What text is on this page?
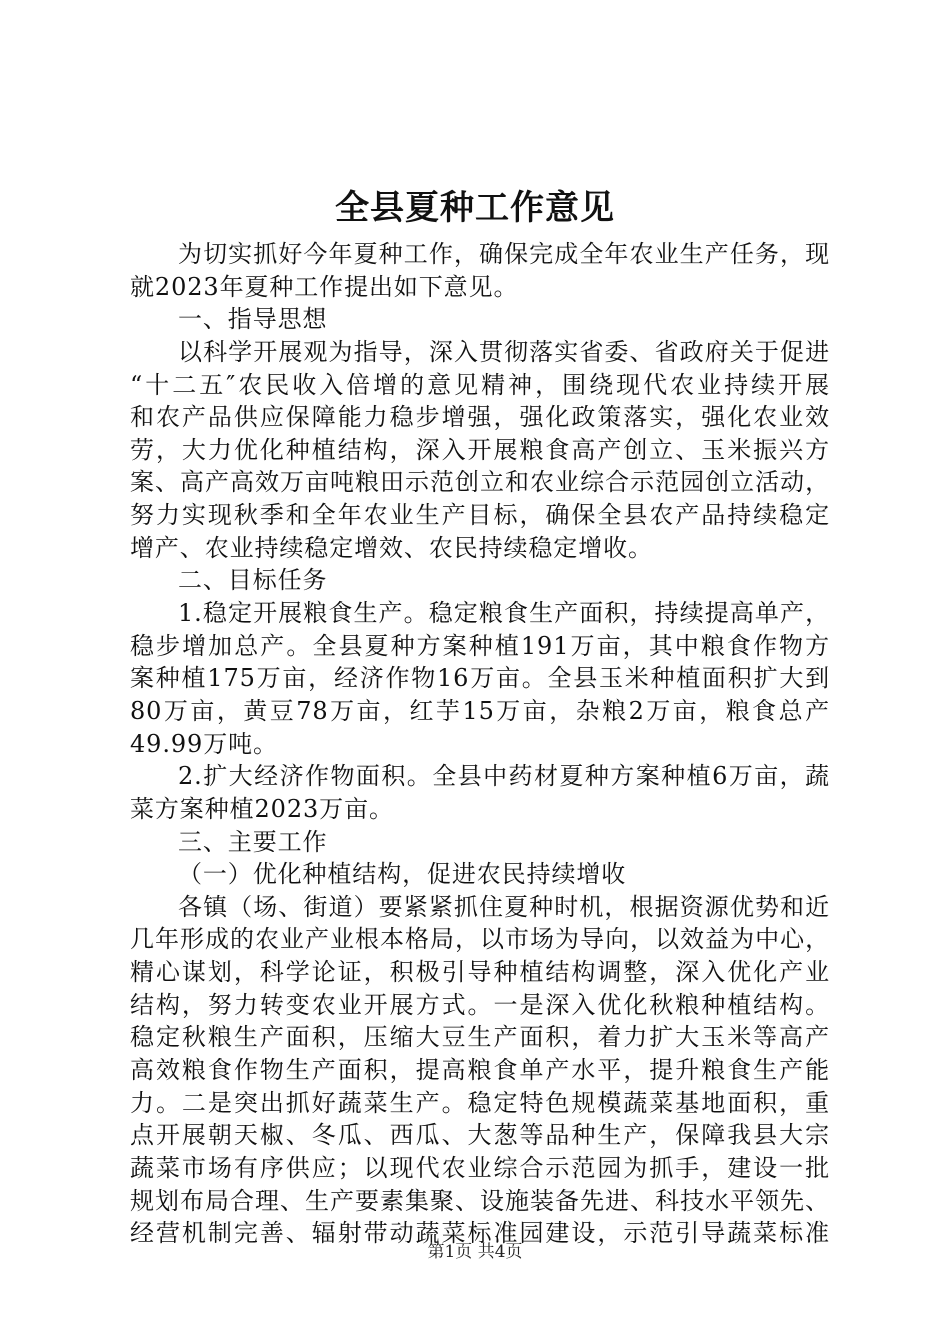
全县夏种工作意见
为切实抓好今年夏种工作，确保完成全年农业生产任务，现
就2023年夏种工作提出如下意见。
一、指导思想
以科学开展观为指导，深入贯彻落实省委、省政府关于促进
“十二五″农民收入倍增的意见精神，围绕现代农业持续开展
和农产品供应保障能力稳步增强，强化政策落实，强化农业效
劳，大力优化种植结构，深入开展粮食高产创立、玉米振兴方
案、高产高效万亩吨粮田示范创立和农业综合示范园创立活动，
努力实现秋季和全年农业生产目标，确保全县农产品持续稳定
增产、农业持续稳定增效、农民持续稳定增收。
二、目标任务
1.稳定开展粮食生产。稳定粮食生产面积，持续提高单产，
稳步增加总产。全县夏种方案种植191万亩，其中粮食作物方
案种植175万亩，经济作物16万亩。全县玉米种植面积扩大到
80万亩，黄豆78万亩，红芋15万亩，杂粮2万亩，粮食总产
49.99万吨。
2.扩大经济作物面积。全县中药材夏种方案种植6万亩，蔬
菜方案种植2023万亩。
三、主要工作
（一）优化种植结构，促进农民持续增收
各镇（场、街道）要紧紧抓住夏种时机，根据资源优势和近
几年形成的农业产业根本格局，以市场为导向，以效益为中心，
精心谋划，科学论证，积极引导种植结构调整，深入优化产业
结构，努力转变农业开展方式。一是深入优化秋粮种植结构。
稳定秋粮生产面积，压缩大豆生产面积，着力扩大玉米等高产
高效粮食作物生产面积，提高粮食单产水平，提升粮食生产能
力。二是突出抓好蔬菜生产。稳定特色规模蔬菜基地面积，重
点开展朝天椒、冬瓜、西瓜、大葱等品种生产，保障我县大宗
蔬菜市场有序供应；以现代农业综合示范园为抓手，建设一批
规划布局合理、生产要素集聚、设施装备先进、科技水平领先、
经营机制完善、辐射带动蔬菜标准园建设，示范引导蔬菜标准
第1页 共4页
